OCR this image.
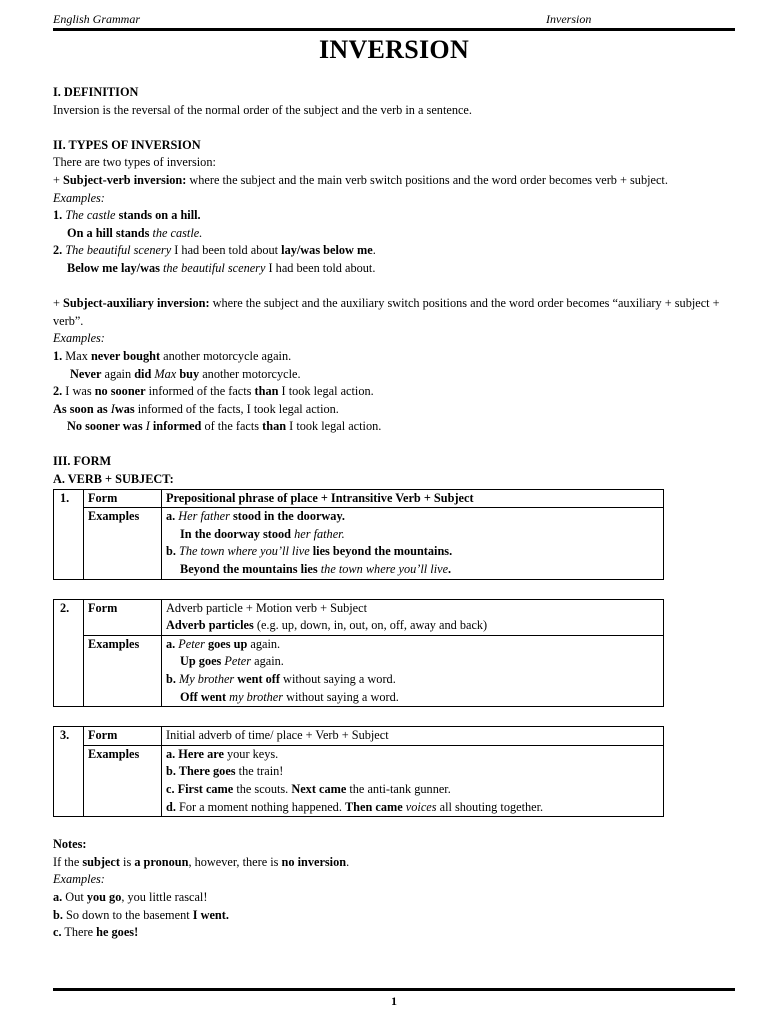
English Grammar	Inversion
INVERSION

I. DEFINITION

Inversion is the reversal of the normal order of the subject and the verb in a sentence.

II. TYPES OF INVERSION

There are two types of inversion:

+ Subject-verb inversion: where the subject and the main verb switch positions and the word order becomes verb + subject.

Examples:

1. The castle stands on a hill.

On a hill stands the castle.

2. The beautiful scenery I had been told about lay/was below me.

Below me lay/was the beautiful scenery I had been told about.

+ Subject-auxiliary inversion: where the subject and the auxiliary switch positions and the word order becomes “auxiliary + subject + verb”.

Examples:

1. Max never bought another motorcycle again.

Never again did Max buy another motorcycle.

2. I was no sooner informed of the facts than I took legal action.

As soon as Iwas informed of the facts, I took legal action.

No sooner was I informed of the facts than I took legal action.

III. FORM

A. VERB + SUBJECT:

1.	Form	Prepositional phrase of place + Intransitive Verb + Subject
	Examples	a. Her father stood in the doorway.
In the doorway stood her father.
b. The town where you’ll live lies beyond the mountains.
Beyond the mountains lies the town where you’ll live.
2.	Form	Adverb particle + Motion verb + Subject
Adverb particles (e.g. up, down, in, out, on, off, away and back)

	Examples	a. Peter goes up again.
Up goes Peter again.
b. My brother went off without saying a word.
Off went my brother without saying a word.
3.	Form	Initial adverb of time/ place + Verb + Subject
	Examples	a. Here are your keys.
b. There goes the train!
c. First came the scouts. Next came the anti-tank gunner.
d. For a moment nothing happened. Then came voices all shouting together.

Notes:

If the subject is a pronoun, however, there is no inversion.

Examples:

a. Out you go, you little rascal!

b. So down to the basement I went.

c. There he goes!

1
